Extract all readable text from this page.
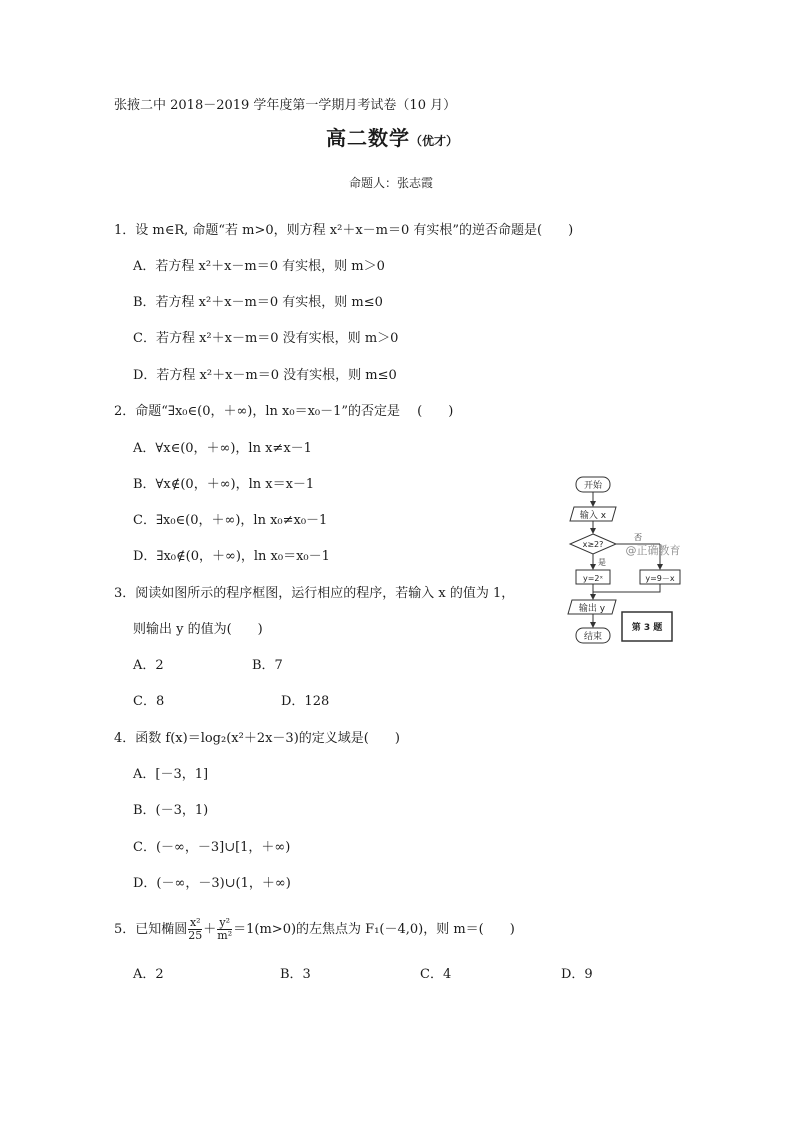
张掖二中 2018－2019 学年度第一学期月考试卷（10 月）
高二数学（优才）
命题人：张志霞
1．设 m∈R, 命题“若 m>0，则方程 x²＋x－m＝0 有实根”的逆否命题是(　　)
A．若方程 x²＋x－m＝0 有实根，则 m＞0
B．若方程 x²＋x－m＝0 有实根，则 m≤0
C．若方程 x²＋x－m＝0 没有实根，则 m＞0
D．若方程 x²＋x－m＝0 没有实根，则 m≤0
2．命题“∃x₀∈(0，＋∞)，ln x₀＝x₀－1”的否定是　 (　　)
A．∀x∈(0，＋∞)，ln x≠x－1
B．∀x∉(0，＋∞)，ln x＝x－1
C．∃x₀∈(0，＋∞)，ln x₀≠x₀－1
D．∃x₀∉(0，＋∞)，ln x₀＝x₀－1
3．阅读如图所示的程序框图，运行相应的程序，若输入 x 的值为 1，
则输出 y 的值为(　　)
A．2	B．7
C．8	D．128
4．函数 f(x)＝log₂(x²＋2x－3)的定义域是(　　)
A．[－3，1]
B．(－3，1)
C．(－∞，－3]∪[1，＋∞)
D．(－∞，－3)∪(1，＋∞)
5．已知椭圆 $\frac{\text{x²}}{25} + \frac{\text{y²}}{\text{m²}} =1(m>0)$的左焦点为 F₁(－4,0)，则 m＝(　　)
A．2	B．3	C．4	D．9
开始
输入 x
x≥2?
是
否
y=2ˣ	y=9－x
输出 y
结束
第 3 题
@正确教育
